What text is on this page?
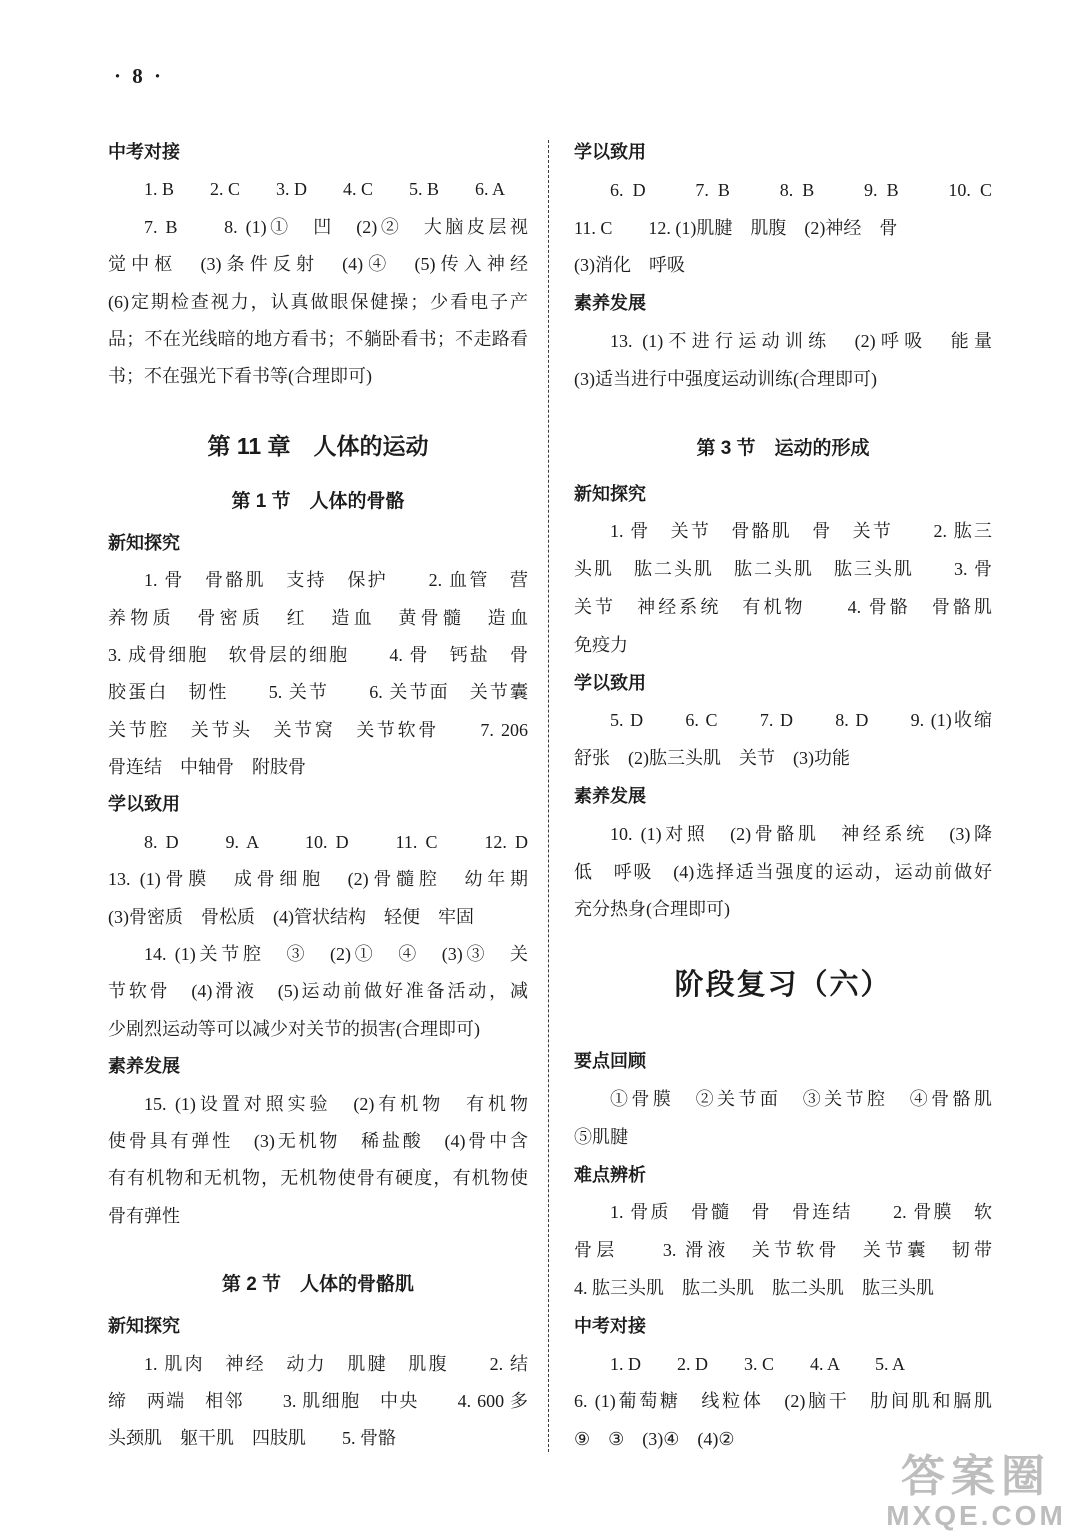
· 8 ·
中考对接
1. B　　2. C　　3. D　　4. C　　5. B　　6. A
7. B　　8. (1)①　凹　(2)②　大脑皮层视
觉中枢　(3)条件反射　(4)④　(5)传入神经
(6)定期检查视力，认真做眼保健操；少看电子产
品；不在光线暗的地方看书；不躺卧看书；不走路看
书；不在强光下看书等(合理即可)
第 11 章　人体的运动
第 1 节　人体的骨骼
新知探究
1. 骨　骨骼肌　支持　保护　　2. 血管　营
养物质　骨密质　红　造血　黄骨髓　造血
3. 成骨细胞　软骨层的细胞　　4. 骨　钙盐　骨
胶蛋白　韧性　　5. 关节　　6. 关节面　关节囊
关节腔　关节头　关节窝　关节软骨　　7. 206
骨连结　中轴骨　附肢骨
学以致用
8. D　　9. A　　10. D　　11. C　　12. D
13. (1)骨膜　成骨细胞　(2)骨髓腔　幼年期
(3)骨密质　骨松质　(4)管状结构　轻便　牢固
14. (1)关节腔　③　(2)①　④　(3)③　关
节软骨　(4)滑液　(5)运动前做好准备活动，减
少剧烈运动等可以减少对关节的损害(合理即可)
素养发展
15. (1)设置对照实验　(2)有机物　有机物
使骨具有弹性　(3)无机物　稀盐酸　(4)骨中含
有有机物和无机物，无机物使骨有硬度，有机物使
骨有弹性
第 2 节　人体的骨骼肌
新知探究
1. 肌肉　神经　动力　肌腱　肌腹　　2. 结
缔　两端　相邻　　3. 肌细胞　中央　　4. 600 多
头颈肌　躯干肌　四肢肌　　5. 骨骼
学以致用
6. D　　7. B　　8. B　　9. B　　10. C
11. C　　12. (1)肌腱　肌腹　(2)神经　骨
(3)消化　呼吸
素养发展
13. (1)不进行运动训练　(2)呼吸　能量
(3)适当进行中强度运动训练(合理即可)
第 3 节　运动的形成
新知探究
1. 骨　关节　骨骼肌　骨　关节　　2. 肱三
头肌　肱二头肌　肱二头肌　肱三头肌　　3. 骨
关节　神经系统　有机物　　4. 骨骼　骨骼肌
免疫力
学以致用
5. D　　6. C　　7. D　　8. D　　9. (1)收缩
舒张　(2)肱三头肌　关节　(3)功能
素养发展
10. (1)对照　(2)骨骼肌　神经系统　(3)降
低　呼吸　(4)选择适当强度的运动，运动前做好
充分热身(合理即可)
阶段复习（六）
要点回顾
①骨膜　②关节面　③关节腔　④骨骼肌
⑤肌腱
难点辨析
1. 骨质　骨髓　骨　骨连结　　2. 骨膜　软
骨层　　3. 滑液　关节软骨　关节囊　韧带
4. 肱三头肌　肱二头肌　肱二头肌　肱三头肌
中考对接
1. D　　2. D　　3. C　　4. A　　5. A
6. (1)葡萄糖　线粒体　(2)脑干　肋间肌和膈肌
⑨　③　(3)④　(4)②
答案圈
MXQE.COM
